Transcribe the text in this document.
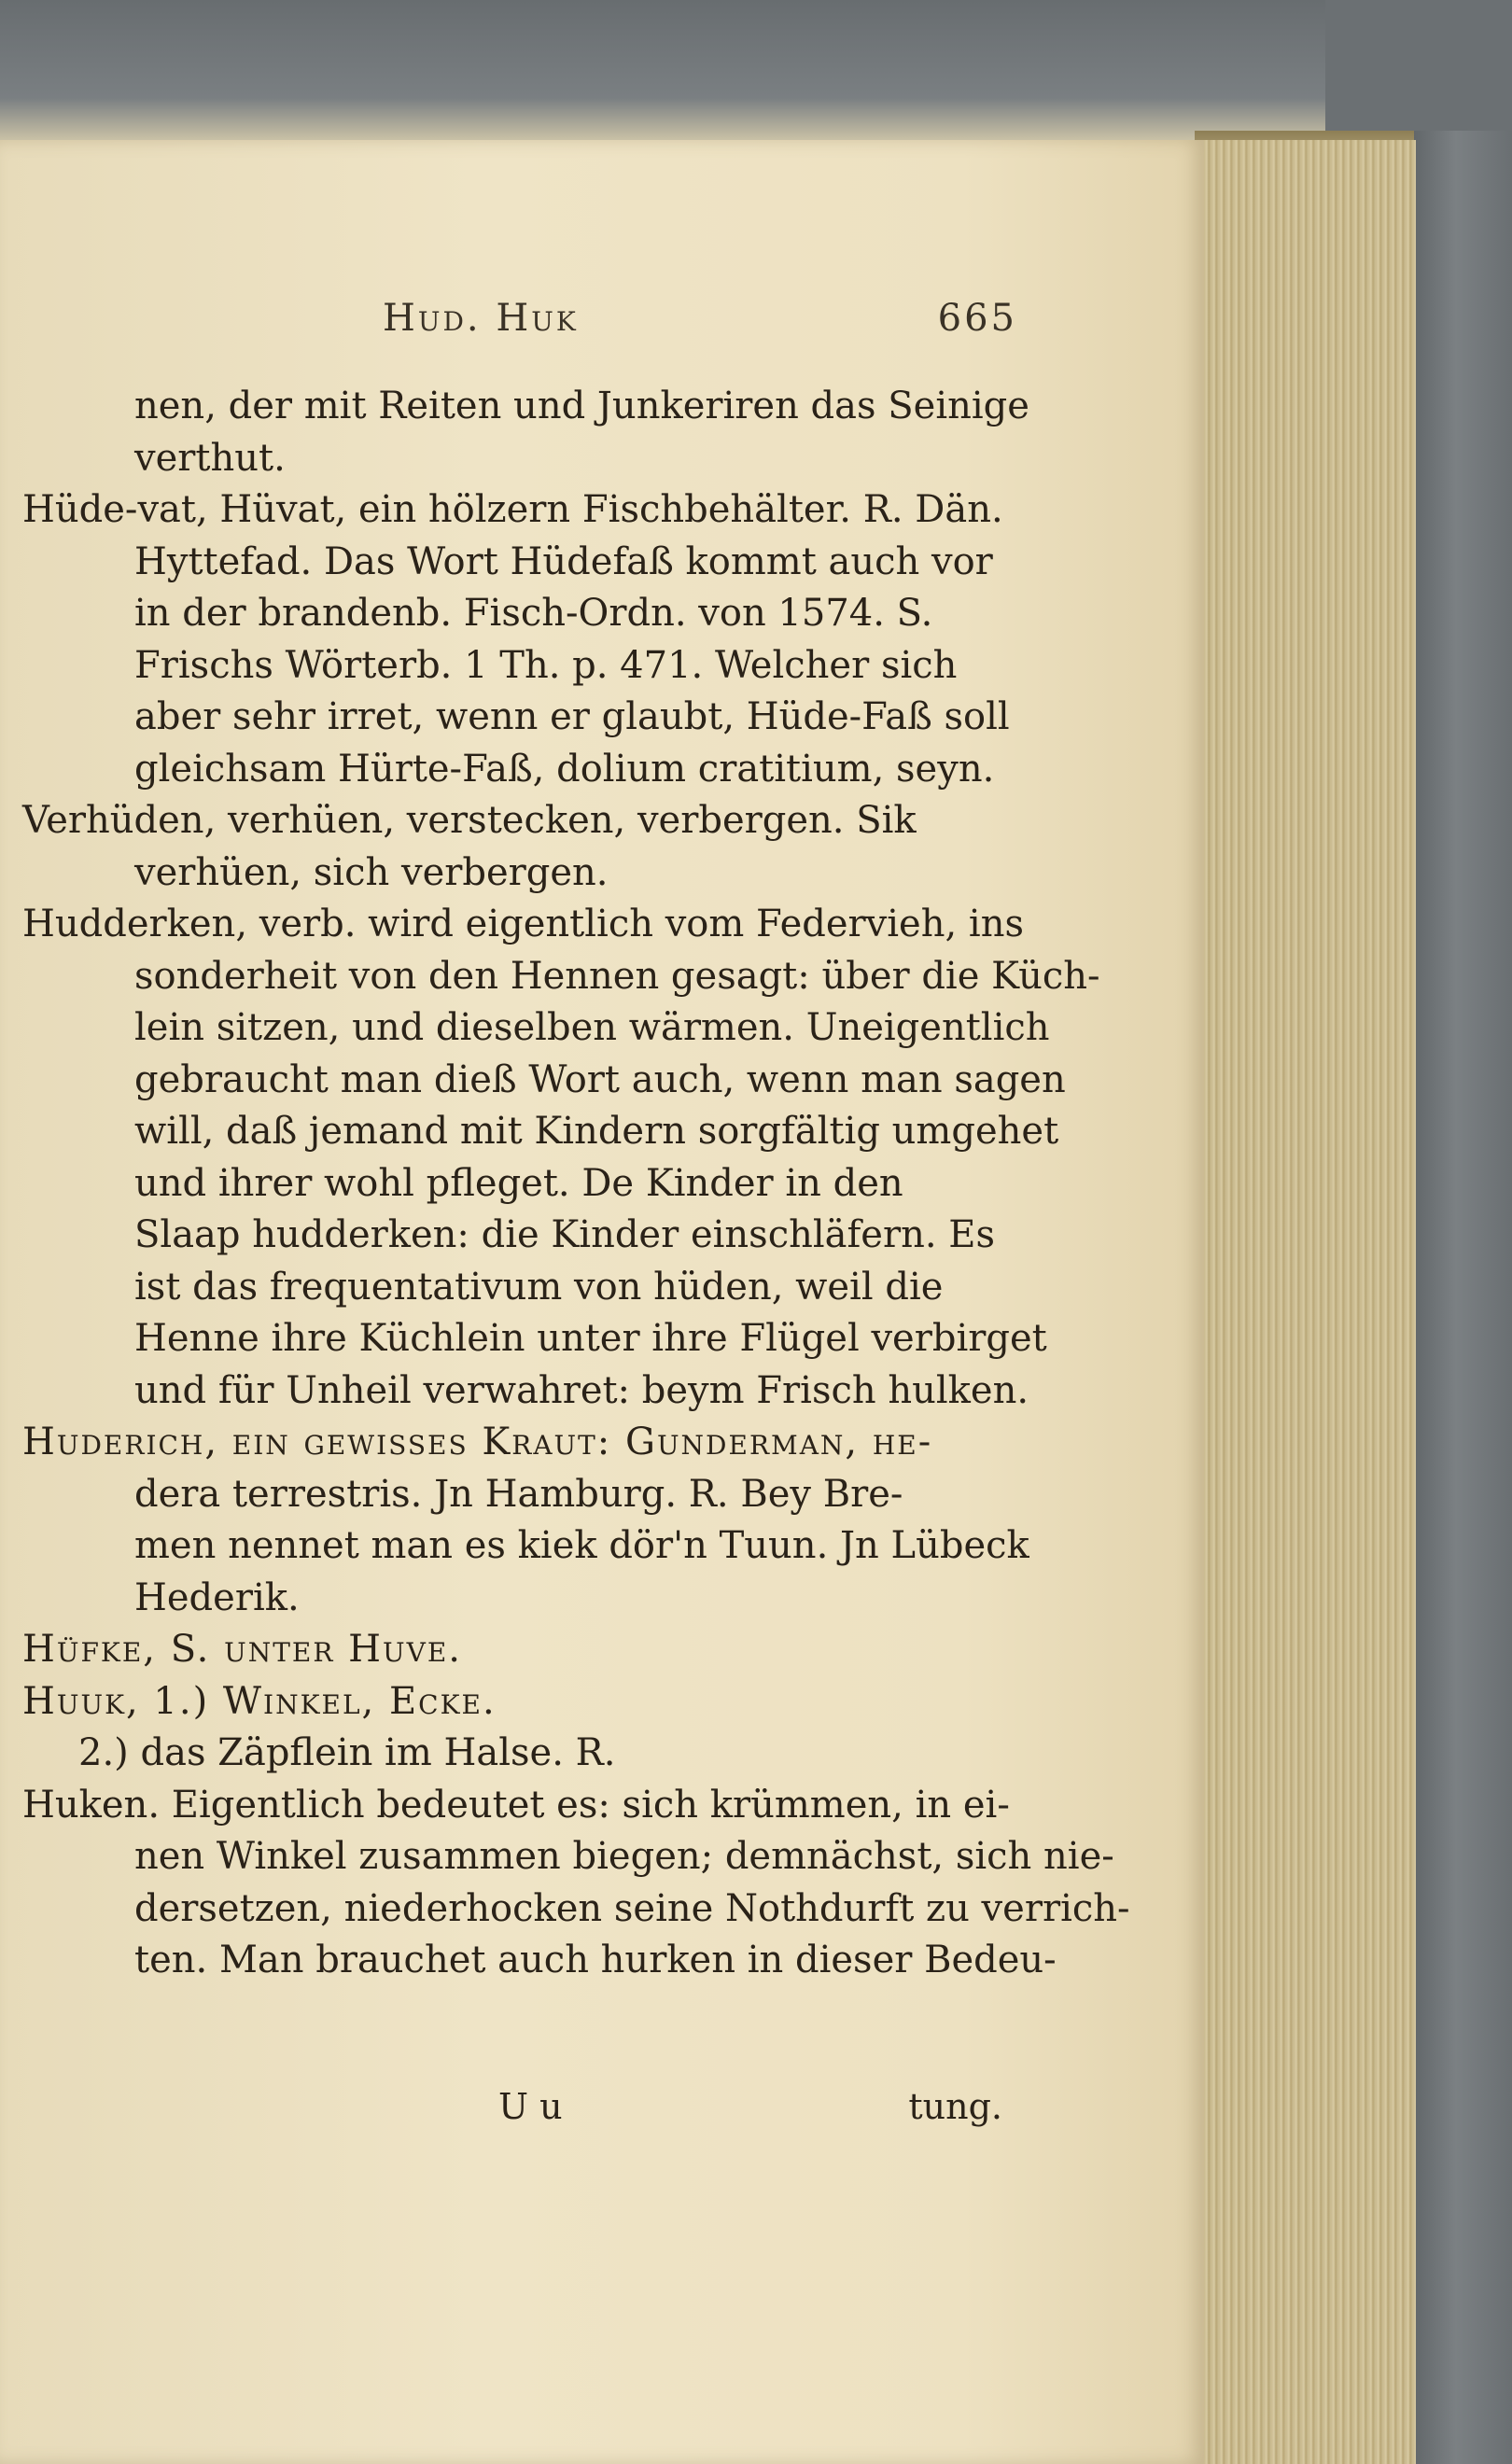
Hud. Huk	665
nen, der mit Reiten und Junkeriren das Seinige
verthut.
Hüde-vat, Hüvat, ein hölzern Fischbehälter. R. Dän.
Hyttefad. Das Wort Hüdefaß kommt auch vor
in der brandenb. Fisch-Ordn. von 1574. S.
Frischs Wörterb. 1 Th. p. 471. Welcher sich
aber sehr irret, wenn er glaubt, Hüde-Faß soll
gleichsam Hürte-Faß, dolium cratitium, seyn.
Verhüden, verhüen, verstecken, verbergen. Sik
verhüen, sich verbergen.
Hudderken, verb. wird eigentlich vom Federvieh, ins
sonderheit von den Hennen gesagt: über die Küch-
lein sitzen, und dieselben wärmen. Uneigentlich
gebraucht man dieß Wort auch, wenn man sagen
will, daß jemand mit Kindern sorgfältig umgehet
und ihrer wohl pfleget. De Kinder in den
Slaap hudderken: die Kinder einschläfern. Es
ist das frequentativum von hüden, weil die
Henne ihre Küchlein unter ihre Flügel verbirget
und für Unheil verwahret: beym Frisch hulken.
Huderich, ein gewisses Kraut: Gunderman, he-
dera terrestris. Jn Hamburg. R. Bey Bre-
men nennet man es kiek dör'n Tuun. Jn Lübeck
Hederik.
Hüfke, S. unter Huve.
Huuk, 1.) Winkel, Ecke.
2.) das Zäpflein im Halse. R.
Huken. Eigentlich bedeutet es: sich krümmen, in ei-
nen Winkel zusammen biegen; demnächst, sich nie-
dersetzen, niederhocken seine Nothdurft zu verrich-
ten. Man brauchet auch hurken in dieser Bedeu-
U u	tung.
